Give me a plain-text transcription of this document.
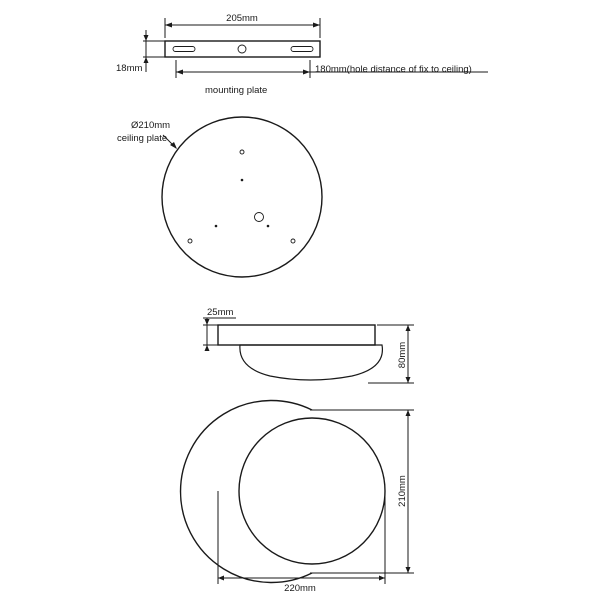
205mm
18mm	180mm(hole distance of fix to ceiling)
mounting plate
Ø210mm
ceiling plate
25mm
80mm
210mm
220mm
